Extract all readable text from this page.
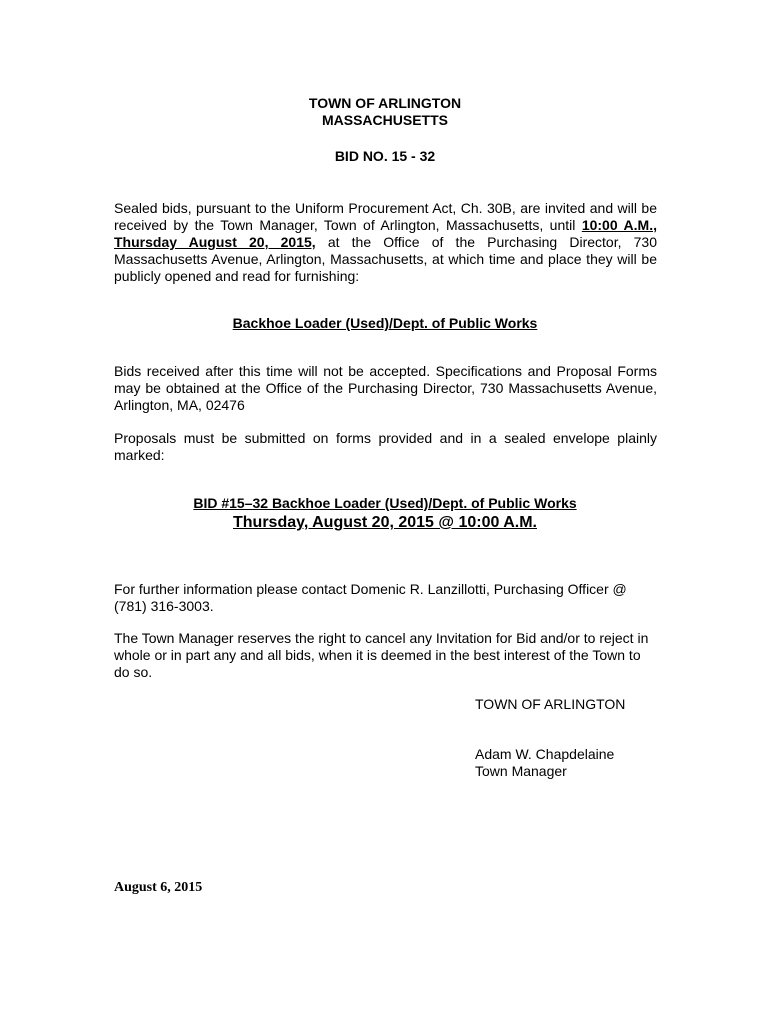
TOWN OF ARLINGTON
MASSACHUSETTS
BID NO. 15 - 32
Sealed bids, pursuant to the Uniform Procurement Act, Ch. 30B, are invited and will be received by the Town Manager, Town of Arlington, Massachusetts, until 10:00 A.M., Thursday August 20, 2015, at the Office of the Purchasing Director, 730 Massachusetts Avenue, Arlington, Massachusetts, at which time and place they will be publicly opened and read for furnishing:
Backhoe Loader (Used)/Dept. of Public Works
Bids received after this time will not be accepted. Specifications and Proposal Forms may be obtained at the Office of the Purchasing Director, 730 Massachusetts Avenue, Arlington, MA, 02476
Proposals must be submitted on forms provided and in a sealed envelope plainly marked:
BID #15–32 Backhoe Loader (Used)/Dept. of Public Works
Thursday, August 20, 2015 @ 10:00 A.M.
For further information please contact Domenic R. Lanzillotti, Purchasing Officer @ (781) 316-3003.
The Town Manager reserves the right to cancel any Invitation for Bid and/or to reject in whole or in part any and all bids, when it is deemed in the best interest of the Town to do so.
TOWN OF ARLINGTON
Adam W. Chapdelaine
Town Manager
August 6, 2015
